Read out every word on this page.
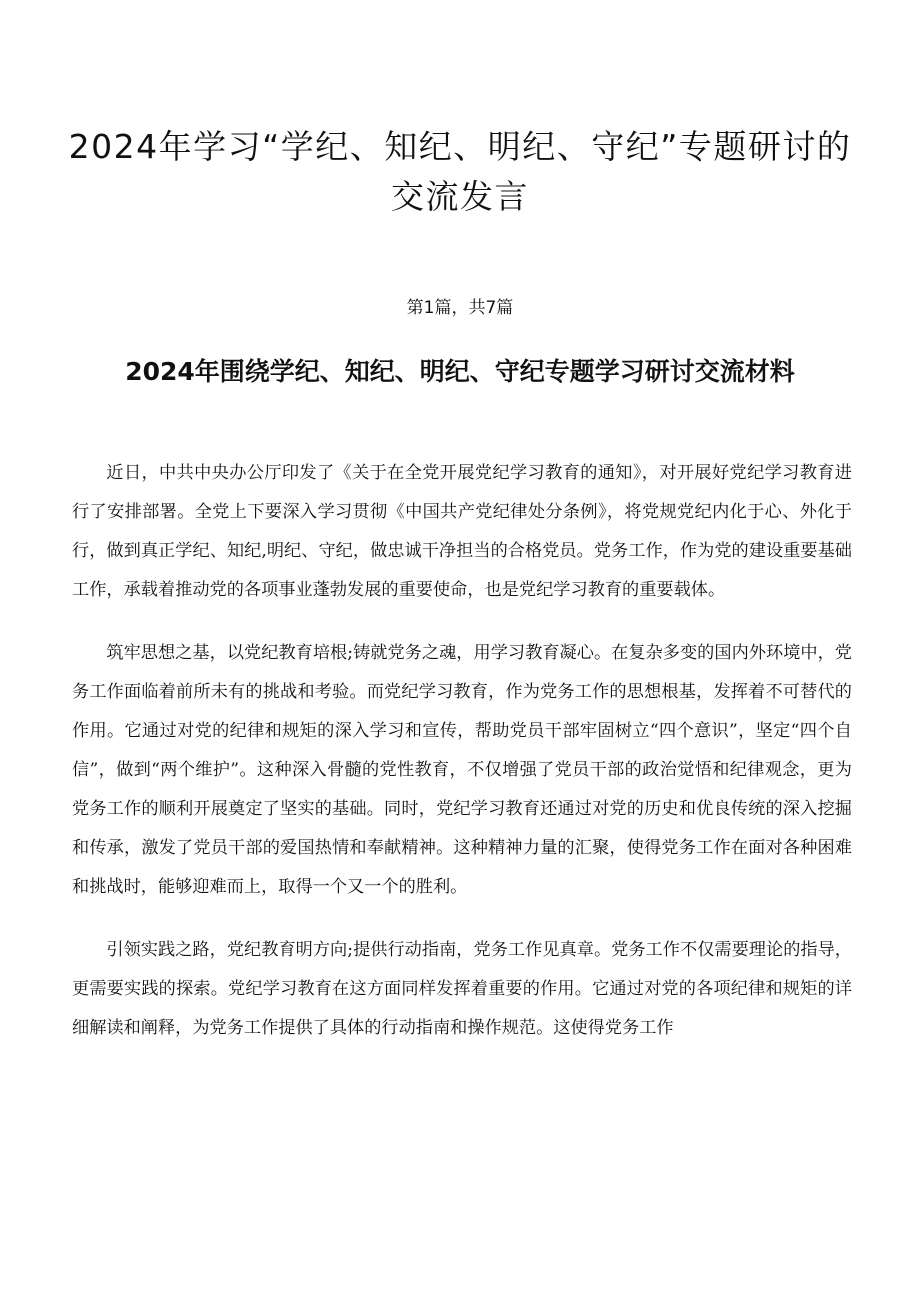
2024年学习“学纪、知纪、明纪、守纪”专题研讨的交流发言
第1篇，共7篇
2024年围绕学纪、知纪、明纪、守纪专题学习研讨交流材料

近日，中共中央办公厅印发了《关于在全党开展党纪学习教育的通知》，对开展好党纪学习教育进行了安排部署。全党上下要深入学习贯彻《中国共产党纪律处分条例》，将党规党纪内化于心、外化于行，做到真正学纪、知纪,明纪、守纪，做忠诚干净担当的合格党员。党务工作，作为党的建设重要基础工作，承载着推动党的各项事业蓬勃发展的重要使命，也是党纪学习教育的重要载体。

筑牢思想之基，以党纪教育培根;铸就党务之魂，用学习教育凝心。在复杂多变的国内外环境中，党务工作面临着前所未有的挑战和考验。而党纪学习教育，作为党务工作的思想根基，发挥着不可替代的作用。它通过对党的纪律和规矩的深入学习和宣传，帮助党员干部牢固树立“四个意识”，坚定“四个自信”，做到“两个维护”。这种深入骨髓的党性教育，不仅增强了党员干部的政治觉悟和纪律观念，更为党务工作的顺利开展奠定了坚实的基础。同时，党纪学习教育还通过对党的历史和优良传统的深入挖掘和传承，激发了党员干部的爱国热情和奉献精神。这种精神力量的汇聚，使得党务工作在面对各种困难和挑战时，能够迎难而上，取得一个又一个的胜利。

引领实践之路，党纪教育明方向;提供行动指南，党务工作见真章。党务工作不仅需要理论的指导，更需要实践的探索。党纪学习教育在这方面同样发挥着重要的作用。它通过对党的各项纪律和规矩的详细解读和阐释，为党务工作提供了具体的行动指南和操作规范。这使得党务工作
